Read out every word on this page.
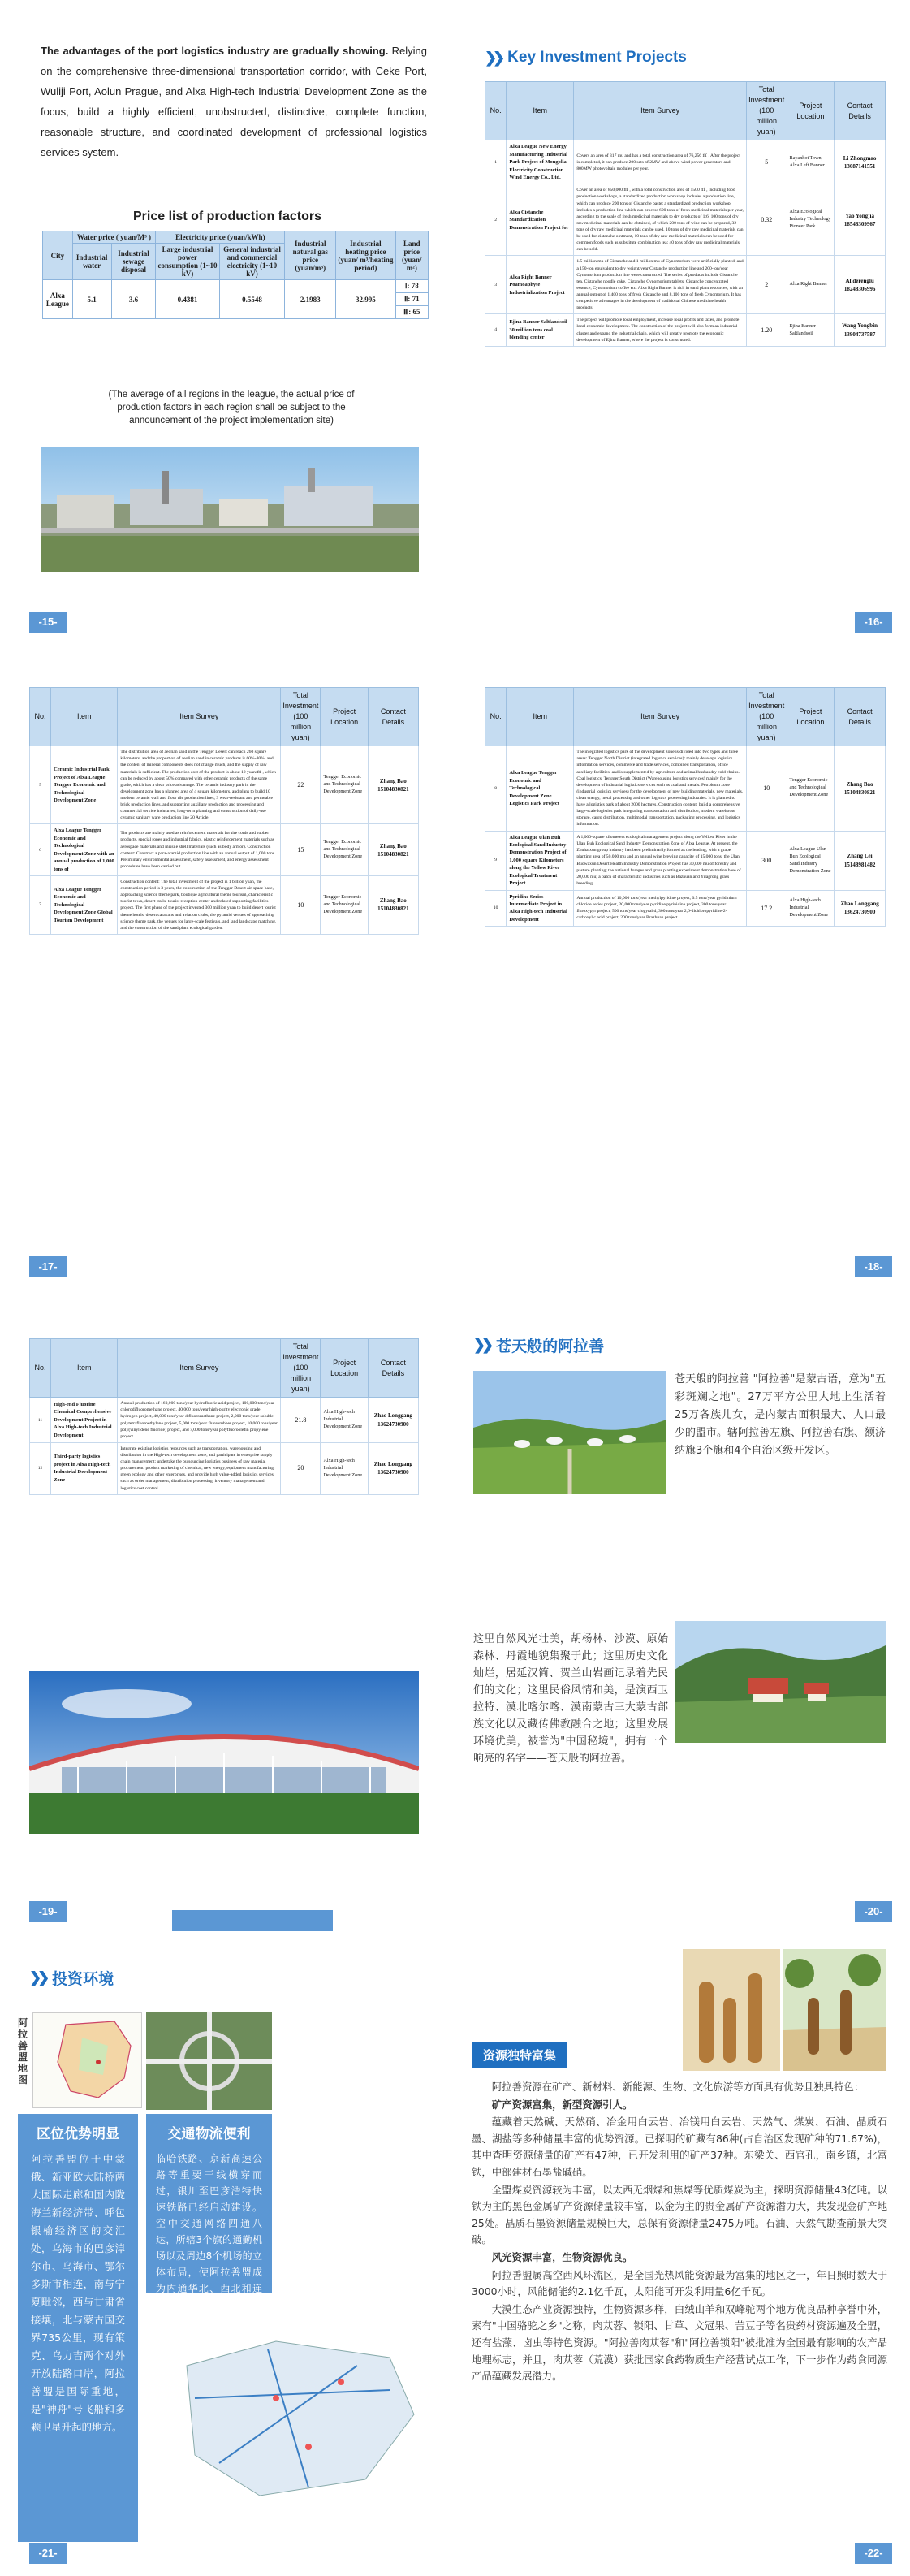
The advantages of the port logistics industry are gradually showing. Relying on the comprehensive three-dimensional transportation corridor, with Ceke Port, Wuliji Port, Aolun Prague, and Alxa High-tech Industrial Development Zone as the focus, build a highly efficient, unobstructed, distinctive, complete function, reasonable structure, and coordinated development of professional logistics services system.
Price list of production factors
City	Water price ( yuan/M³ )		Electricity price (yuan/kWh)		Industrial natural gas price (yuan/m³)	Industrial heating price (yuan/ m³/heating period)	Land price (yuan/ m²)
	Industrial water	Industrial sewage disposal	Large industrial power consumption (1~10 kV)	General industrial and commercial electricity (1~10 kV)			
Alxa League	5.1	3.6	0.4381	0.5548	2.1983	32.995	Ⅰ: 78
							Ⅱ: 71
							Ⅲ: 65
(The average of all regions in the league, the actual price of production factors in each region shall be subject to the announcement of the project implementation site)
-15-
❯❯ Key Investment Projects
No.	Item	Item Survey	Total Investment (100 million yuan)	Project Location	Contact Details
1	Alxa League New Energy Manufacturing Industrial Park Project of Mongolia Electricity Construction Wind Energy Co., Ltd.	Covers an area of 317 mu and has a total construction area of 76,256 ㎡ . After the project is completed, it can produce 200 sets of 2MW and above wind power generators and 800MW photovoltaic modules per year.	5	Bayanhot Town, Alxa Left Banner	Li Zhongmao 13087141551
2	Alxa Cistanche Standardization Demonstration Project for	Cover an area of 850,000 ㎡ , with a total construction area of 5500 ㎡ , including food production workshops, a standardized production workshop includes a production line, which can produce 200 tons of Cistanche paste; a standardized production workshop includes a production line which can process 600 tons of fresh medicinal materials per year, according to the scale of fresh medicinal materials to dry products of 1:6, 100 tons of dry raw medicinal materials can be obtained, of which 200 tons of wine can be prepared, 32 tons of dry raw medicinal materials can be used, 10 tons of dry raw medicinal materials can be used for cistanche ointment, 10 tons of dry raw medicinal materials can be used for common foods such as substitute combination tea; 40 tons of dry raw medicinal materials can be sold.	0.32	Alxa Ecological Industry Technology Pioneer Park	Yao Yongjia 18548309967
3	Alxa Right Banner Poamoaphyte Industrialization Project	1.5 million mu of Cistanche and 1 million mu of Cynomorium were artificially planted, and a 150-ton equivalent to dry weight/year Cistanche production line and 200-ton/year Cynomorium production line were constructed. The series of products include Cistanche tea, Cistanche noodle cake, Cistanche Cynomorium tablets, Cistanche concentrated essence, Cynomorium coffee etc. Alxa Right Banner is rich in sand plant resources, with an annual output of 1,400 tons of fresh Cistanche and 8,100 tons of fresh Cynomorium. It has competitive advantages in the development of traditional Chinese medicine health products.	2	Alxa Right Banner	Aliderenglu 18248306996
4	Ejina Banner Saltlandsoil 30 million tons coal blending center	The project will promote local employment, increase local profits and taxes, and promote local economic development. The construction of the project will also form an industrial cluster and expand the industrial chain, which will greatly promote the economic development of Ejina Banner, where the project is constructed.	1.20	Ejina Banner Saltlandsoil	Wang Yongbin 13904737587
-16-
No.	Item	Item Survey	Total Investment (100 million yuan)	Project Location	Contact Details
5	Ceramic Industrial Park Project of Alxa League Tengger Economic and Technological Development Zone	The distribution area of aeolian sand in the Tengger Desert can reach 260 square kilometers, and the proportion of aeolian sand in ceramic products is 60%-80%, and the content of mineral components does not change much, and the supply of raw materials is sufficient. The production cost of the product is about 12 yuan/㎡ , which can be reduced by about 50% compared with other ceramic products of the same grade, which has a clear price advantage. The ceramic industry park in the development zone has a planned area of 4 square kilometers, and plans to build 10 modern ceramic wall and floor tile production lines, 3 wear-resistant and permeable brick production lines, and supporting auxiliary production and processing and commercial service industries; long-term planning and construction of daily-use ceramic sanitary ware production line 20 Article.	22	Tengger Economic and Technological Development Zone	Zhang Bao 15104830821
6	Alxa League Tengger Economic and Technological Development Zone with an annual production of 1,000 tons of	The products are mainly used as reinforcement materials for tire cords and rubber products, special ropes and industrial fabrics, plastic reinforcement materials such as aerospace materials and missile shell materials (such as body armor). Construction content: Construct a para-aramid production line with an annual output of 1,000 tons. Preliminary environmental assessment, safety assessment, and energy assessment procedures have been carried out.	15	Tengger Economic and Technological Development Zone	Zhang Bao 15104830821
7	Alxa League Tengger Economic and Technological Development Zone Global Tourism Development	Construction content: The total investment of the project is 1 billion yuan, the construction period is 3 years, the construction of the Tengger Desert air-space base, approaching science theme park, boutique agricultural theme tourism, characteristic tourist town, desert trails, tourist reception center and related supporting facilities project. The first phase of the project invested 300 million yuan to build desert tourist theme hotels, desert caravans and aviation clubs, the pyramid venues of approaching science theme park, the venues for large-scale festivals, and land landscape matching, and the construction of the sand plant ecological garden.	10	Tengger Economic and Technological Development Zone	Zhang Bao 15104830821
-17-
No.	Item	Item Survey	Total Investment (100 million yuan)	Project Location	Contact Details
8	Alxa League Tengger Economic and Technological Development Zone Logistics Park Project	The integrated logistics park of the development zone is divided into two types and three areas: Tengger North District (integrated logistics services): mainly develops logistics information services, commerce and trade services, combined transportation, office auxiliary facilities, and is supplemented by agriculture and animal husbandry cold chains. Coal logistics: Tengger South District (Warehousing logistics services) mainly for the development of industrial logistics services such as coal and metals. Petroleum zone (industrial logistics services) for the development of new building materials, new materials, clean energy, metal processing and other logistics processing industries. It is planned to have a logistics park of about 2000 hectares. Construction content: build a comprehensive large-scale logistics park integrating transportation and distribution, modern warehouse storage, cargo distribution, multimodal transportation, packaging processing, and logistics information.	10	Tengger Economic and Technological Development Zone	Zhang Bao 15104830821
9	Alxa League Ulan Buh Ecological Sand Industry Demonstration Project of 1,000 square Kilometers along the Yellow River Ecological Treatment Project	A 1,000-square kilometers ecological management project along the Yellow River in the Ulan Buh Ecological Sand Industry Demonstration Zone of Alxa League. At present, the Zhuhaixun group industry has been preliminarily formed as the leading, with a grape planting area of 50,000 mu and an annual wine brewing capacity of 15,000 tons; the Ulan Buowaxun Desert Health Industry Demonstration Project has 30,000 mu of forestry and pasture planting; the national forages and grass planting experiment demonstration base of 20,000 mu; a batch of characteristic industries such as Bazhuan and Yilagrong grass breeding.	300	Alxa League Ulan Buh Ecological Sand Industry Demonstration Zone	Zhang Lei 15148981482
10	Pyridine Series Intermediate Project in Alxa High-tech Industrial Development	Annual production of 10,000 tons/year methylpyridine project, 0.5 tons/year pyridinium chloride series project, 20,000 tons/year pyridine pyrinidine project, 300 tons/year fluroxypyr project, 500 tons/year clopyralid, 300 tons/year 2,6-dichloropyridine-2-carboxylic acid project, 200 tons/year Brazhuan project.	17.2	Alxa High-tech Industrial Development Zone	Zhao Longgang 13624730900
-18-
No.	Item	Item Survey	Total Investment (100 million yuan)	Project Location	Contact Details
11	High-end Fluorine Chemical Comprehensive Development Project in Alxa High-tech Industrial Development	Annual production of 160,000 tons/year hydrofluoric acid project, 100,000 tons/year chlorodifluoromethane project, 40,000 tons/year high-purity electronic grade hydrogen project, 40,000 tons/year difluoromethane project, 2,000 tons/year soluble polytetrafluoroethylene project, 5,000 tons/year fluororubber project, 10,000 tons/year poly(vinylidene fluoride) project, and 7,000 tons/year polyfluoroolefin propylene project.	21.8	Alxa High-tech Industrial Development Zone	Zhao Longgang 13624730900
12	Third-party logistics project in Alxa High-tech Industrial Development Zone	Integrate existing logistics resources such as transportation, warehousing and distribution in the High-tech development zone, and participate in enterprise supply chain management; undertake the outsourcing logistics business of raw material procurement, product marketing of chemical, new energy, equipment manufacturing, green ecology and other enterprises, and provide high value-added logistics services such as order management, distribution processing, inventory management and logistics cost control.	20	Alxa High-tech Industrial Development Zone	Zhao Longgang 13624730900
-19-
❯❯ 苍天般的阿拉善
苍天般的阿拉善 "阿拉善"是蒙古语，意为"五彩斑斓之地"。27万平方公里大地上生活着25万各族儿女，是内蒙古面积最大、人口最少的盟市。辖阿拉善左旗、阿拉善右旗、额济纳旗3个旗和4个自治区级开发区。
这里自然风光壮美，胡杨林、沙漠、原始森林、丹霞地貌集聚于此；这里历史文化灿烂，居延汉简、贺兰山岩画记录着先民们的文化；这里民俗风情和美，是演西卫拉特、漠北喀尔喀、漠南蒙古三大蒙古部族文化以及藏传佛教融合之地；这里发展环境优美，被誉为"中国秘境"，拥有一个响亮的名字——苍天般的阿拉善。
-20-
❯❯ 投资环境
阿拉善盟地图
区位优势明显

阿拉善盟位于中蒙俄、新亚欧大陆桥两大国际走廊和国内陇海兰新经济带、呼包银榆经济区的交汇处，乌海市的巴彦淖尔市、乌海市、鄂尔多斯市相连，南与宁夏毗邻，西与甘肃省接壤，北与蒙古国交界735公里，现有策克、乌力吉两个对外开放陆路口岸，阿拉善盟是国际重地，是"神舟"号飞船和多颗卫星升起的地方。

交通物流便利

临哈铁路、京新高速公路等重要干线横穿而过，银川至巴彦浩特快速铁路已经启动建设。空中交通网络四通八达，所辖3个旗的通勤机场以及周边8个机场的立体布局，使阿拉善盟成为内通华北、西北和连

-21-
资源独特富集

阿拉善资源在矿产、新材料、新能源、生物、文化旅游等方面具有优势且独具特色：

矿产资源富集，新型资源引人。

蕴藏着天然碱、天然硝、冶金用白云岩、冶镁用白云岩、天然气、煤炭、石油、晶质石墨、湖盐等多种储量丰富的优势资源。已探明的矿藏有86种(占自治区发现矿种的71.67%)，其中查明资源储量的矿产有47种，已开发利用的矿产37种。东梁关、西官孔，南乡镇，北富铁，中部建材石墨盐碱硝。

全盟煤炭资源较为丰富，以太西无烟煤和焦煤等优质煤炭为主，探明资源储量43亿吨。以铁为主的黑色金属矿产资源储量较丰富，以金为主的贵金属矿产资源潜力大，共发现金矿产地25处。晶质石墨资源储量规模巨大，总保有资源储量2475万吨。石油、天然气勘查前景大突破。

风光资源丰富，生物资源优良。

阿拉善盟属高空西风环流区，是全国光热风能资源最为富集的地区之一，年日照时数大于3000小时，风能储能约2.1亿千瓦，太阳能可开发利用量6亿千瓦。

大漠生态产业资源独特，生物资源多样，白绒山羊和双峰驼两个地方优良品种享誉中外，素有"中国骆驼之乡"之称，肉苁蓉、锁阳、甘草、文冠果、苦豆子等名贵药材资源遍及全盟，还有盐藻、卤虫等特色资源。"阿拉善肉苁蓉"和"阿拉善锁阳"被批准为全国最有影响的农产品地理标志，并且，肉苁蓉（荒漠）获批国家食药物质生产经营试点工作，下一步作为药食同源产品蕴藏发展潜力。

-22-
